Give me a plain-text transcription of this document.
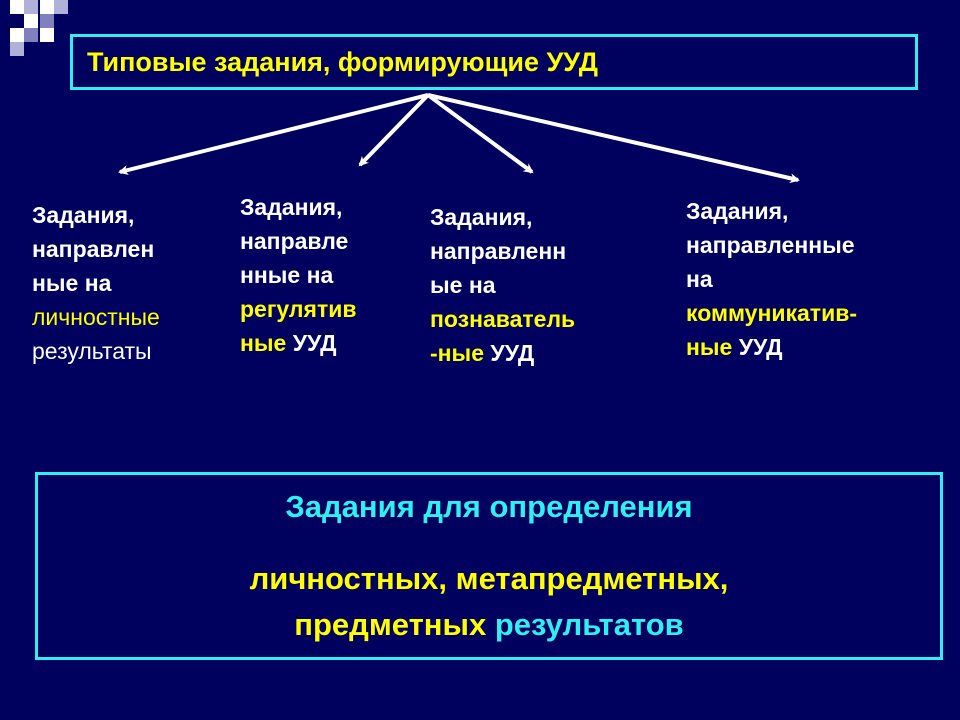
Типовые задания, формирующие УУД
Задания,
направлен
ные на
личностные
результаты
Задания,
направле
нные на
регулятив
ные УУД
Задания,
направленн
ые на
познаватель
-ные УУД
Задания,
направленные
на
коммуникатив-
ные УУД
Задания для определения
личностных, метапредметных,
предметных результатов
